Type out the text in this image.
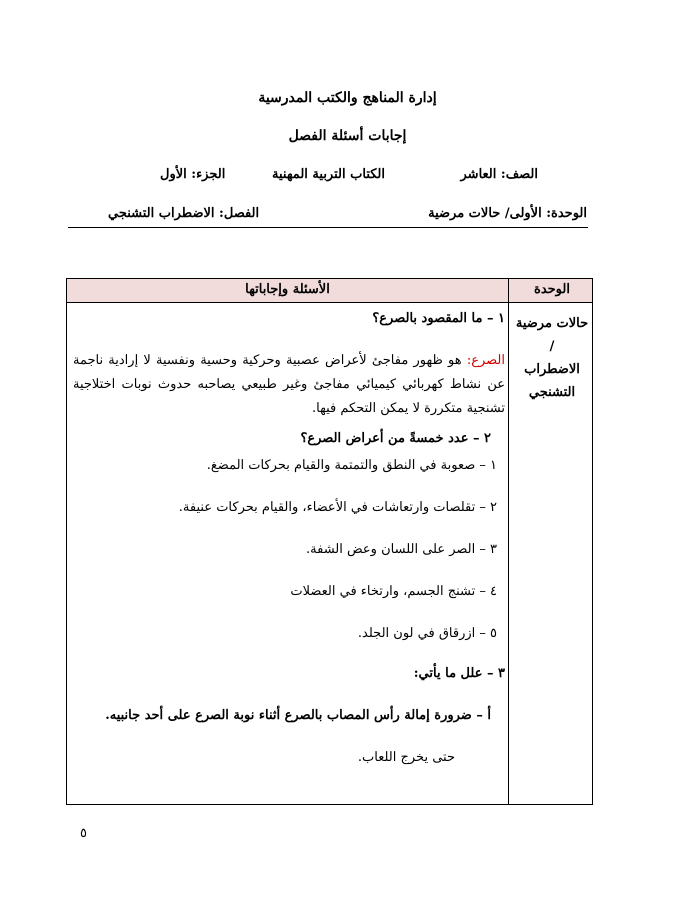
إدارة المناهج والكتب المدرسية
إجابات أسئلة الفصل
الصف: العاشر
الكتاب التربية المهنية
الجزء: الأول
الوحدة: الأولى/ حالات مرضية
الفصل: الاضطراب التشنجي
الوحدة
الأسئلة وإجاباتها
حالات مرضية
/
الاضطراب
التشنجي
١ – ما المقصود بالصرع؟
الصرع: هو ظهور مفاجئ لأعراض عصبية وحركية وحسية ونفسية لا إرادية ناجمة عن نشاط كهربائي كيميائي مفاجئ وغير طبيعي يصاحبه حدوث نوبات اختلاجية تشنجية متكررة لا يمكن التحكم فيها.
٢ – عدد خمسةً من أعراض الصرع؟
١ – صعوبة في النطق والتمتمة والقيام بحركات المضغ.
٢ – تقلصات وارتعاشات في الأعضاء، والقيام بحركات عنيفة.
٣ – الصر على اللسان وعض الشفة.
٤ – تشنج الجسم، وارتخاء في العضلات
٥ – ازرقاق في لون الجلد.
٣ – علل ما يأتي:
أ – ضرورة إمالة رأس المصاب بالصرع أثناء نوبة الصرع على أحد جانبيه.
حتى يخرج اللعاب.
٥
